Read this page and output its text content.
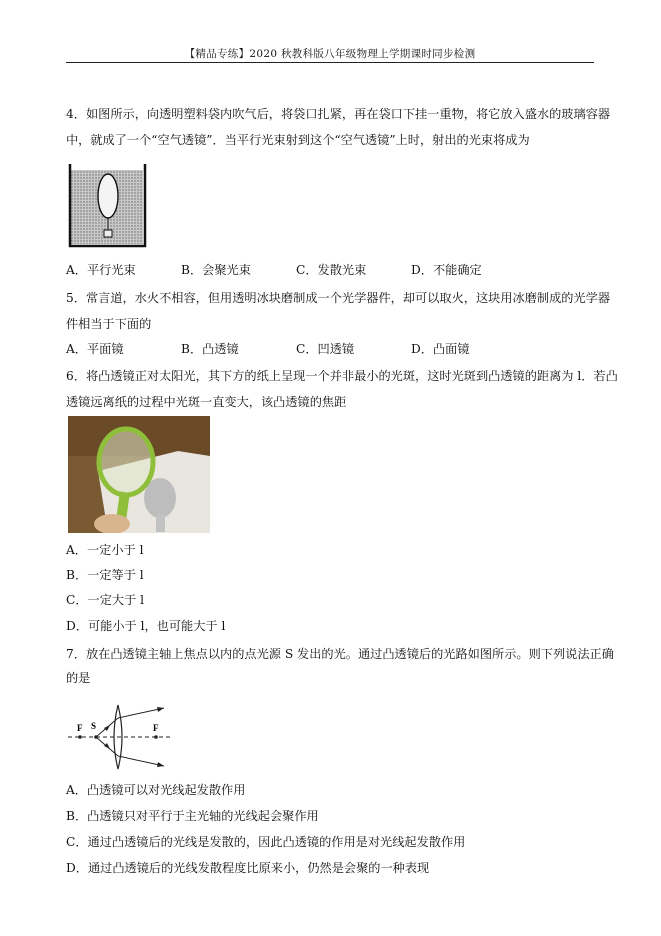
【精品专练】2020 秋教科版八年级物理上学期课时同步检测
4．如图所示，向透明塑料袋内吹气后，将袋口扎紧，再在袋口下挂一重物，将它放入盛水的玻璃容器
中，就成了一个“空气透镜”．当平行光束射到这个“空气透镜”上时，射出的光束将成为
A．平行光束	B．会聚光束	C．发散光束	D．不能确定
5．常言道，水火不相容，但用透明冰块磨制成一个光学器件，却可以取火，这块用冰磨制成的光学器
件相当于下面的
A．平面镜	B．凸透镜	C．凹透镜	D．凸面镜
6．将凸透镜正对太阳光，其下方的纸上呈现一个并非最小的光斑，这时光斑到凸透镜的距离为 l．若凸
透镜远离纸的过程中光斑一直变大，该凸透镜的焦距
A．一定小于 l
B．一定等于 l
C．一定大于 l
D．可能小于 l，也可能大于 l
7．放在凸透镜主轴上焦点以内的点光源 S 发出的光。通过凸透镜后的光路如图所示。则下列说法正确
的是
F S	F
A．凸透镜可以对光线起发散作用
B．凸透镜只对平行于主光轴的光线起会聚作用
C．通过凸透镜后的光线是发散的，因此凸透镜的作用是对光线起发散作用
D．通过凸透镜后的光线发散程度比原来小，仍然是会聚的一种表现
